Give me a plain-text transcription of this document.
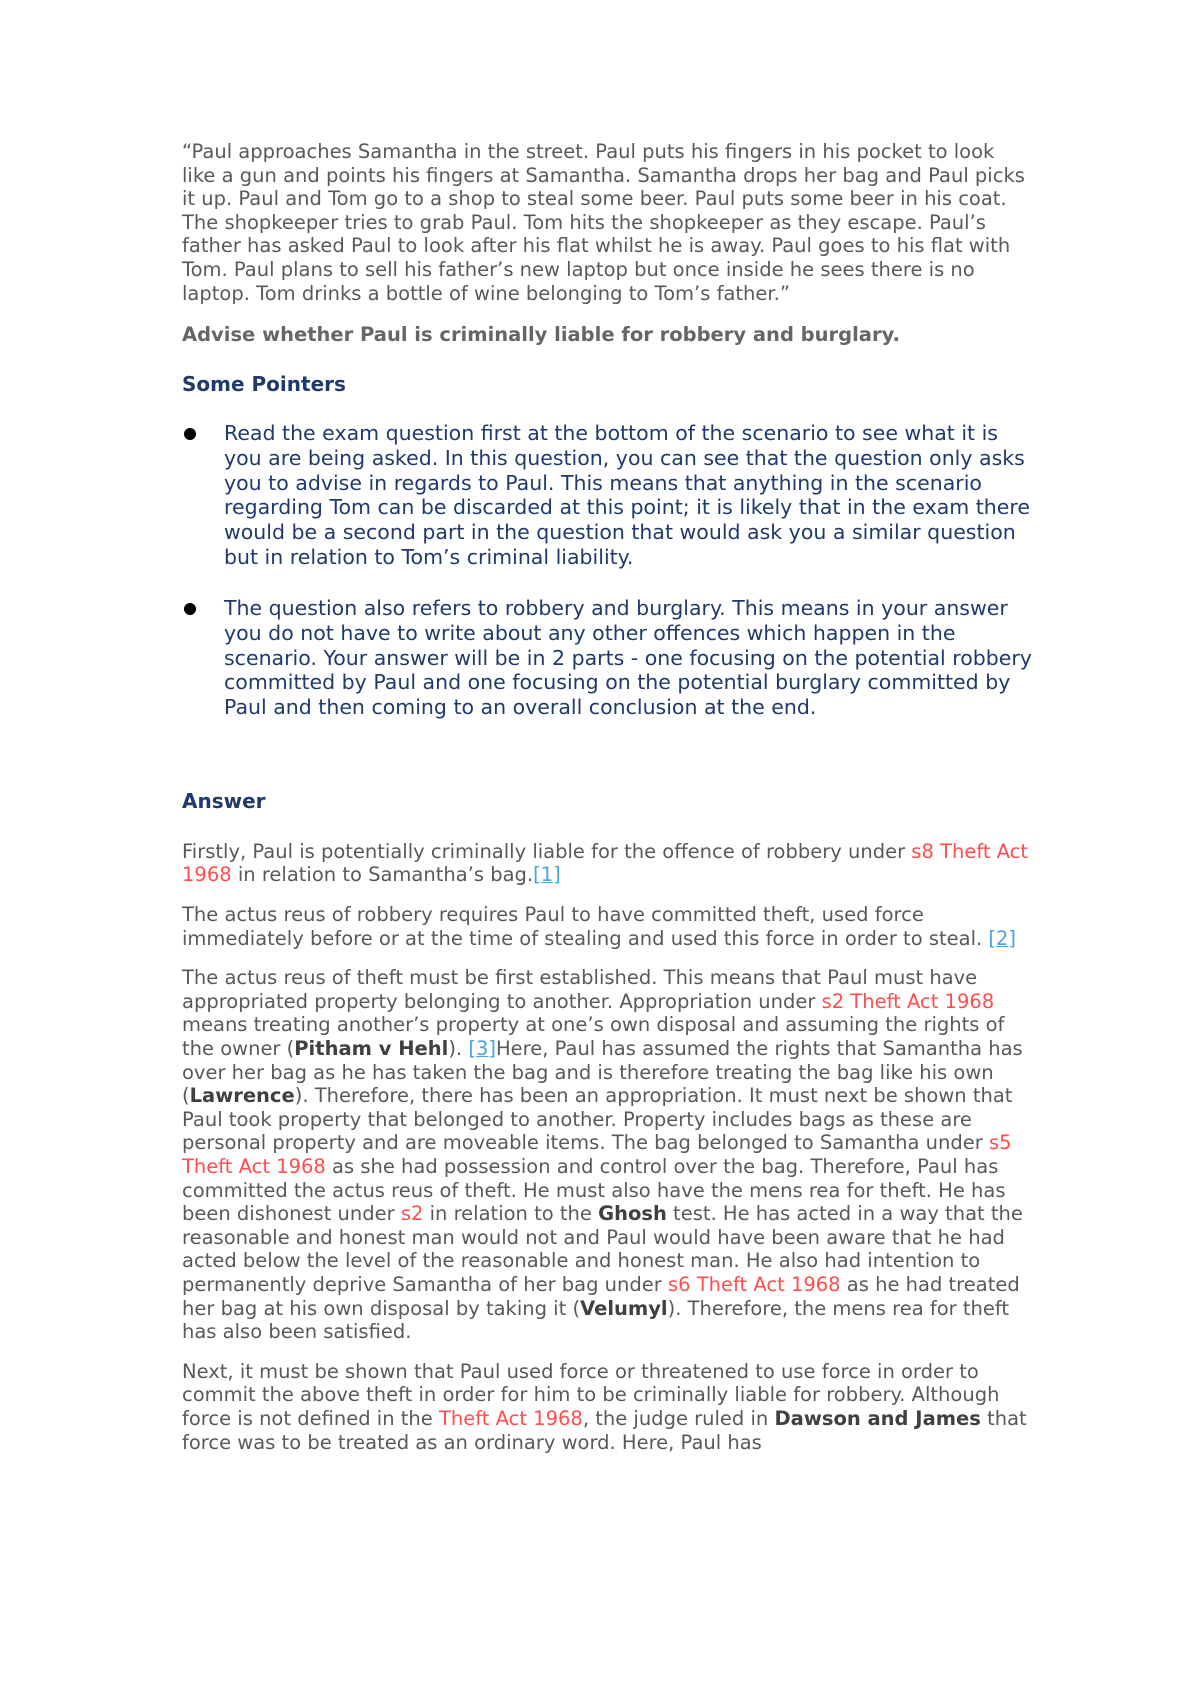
“Paul approaches Samantha in the street. Paul puts his fingers in his pocket to look like a gun and points his fingers at Samantha. Samantha drops her bag and Paul picks it up. Paul and Tom go to a shop to steal some beer. Paul puts some beer in his coat. The shopkeeper tries to grab Paul. Tom hits the shopkeeper as they escape. Paul’s father has asked Paul to look after his flat whilst he is away. Paul goes to his flat with Tom. Paul plans to sell his father’s new laptop but once inside he sees there is no laptop. Tom drinks a bottle of wine belonging to Tom’s father.”

Advise whether Paul is criminally liable for robbery and burglary.

Some Pointers
Read the exam question first at the bottom of the scenario to see what it is you are being asked. In this question, you can see that the question only asks you to advise in regards to Paul. This means that anything in the scenario regarding Tom can be discarded at this point; it is likely that in the exam there would be a second part in the question that would ask you a similar question but in relation to Tom’s criminal liability.
The question also refers to robbery and burglary. This means in your answer you do not have to write about any other offences which happen in the scenario. Your answer will be in 2 parts - one focusing on the potential robbery committed by Paul and one focusing on the potential burglary committed by Paul and then coming to an overall conclusion at the end.
Answer

Firstly, Paul is potentially criminally liable for the offence of robbery under s8 Theft Act 1968 in relation to Samantha’s bag.[1]

The actus reus of robbery requires Paul to have committed theft, used force immediately before or at the time of stealing and used this force in order to steal. [2]

The actus reus of theft must be first established. This means that Paul must have appropriated property belonging to another. Appropriation under s2 Theft Act 1968 means treating another’s property at one’s own disposal and assuming the rights of the owner (Pitham v Hehl). [3]Here, Paul has assumed the rights that Samantha has over her bag as he has taken the bag and is therefore treating the bag like his own (Lawrence). Therefore, there has been an appropriation. It must next be shown that Paul took property that belonged to another. Property includes bags as these are personal property and are moveable items. The bag belonged to Samantha under s5 Theft Act 1968 as she had possession and control over the bag. Therefore, Paul has committed the actus reus of theft. He must also have the mens rea for theft. He has been dishonest under s2 in relation to the Ghosh test. He has acted in a way that the reasonable and honest man would not and Paul would have been aware that he had acted below the level of the reasonable and honest man. He also had intention to permanently deprive Samantha of her bag under s6 Theft Act 1968 as he had treated her bag at his own disposal by taking it (Velumyl). Therefore, the mens rea for theft has also been satisfied.

Next, it must be shown that Paul used force or threatened to use force in order to commit the above theft in order for him to be criminally liable for robbery. Although force is not defined in the Theft Act 1968, the judge ruled in Dawson and James that force was to be treated as an ordinary word. Here, Paul has
